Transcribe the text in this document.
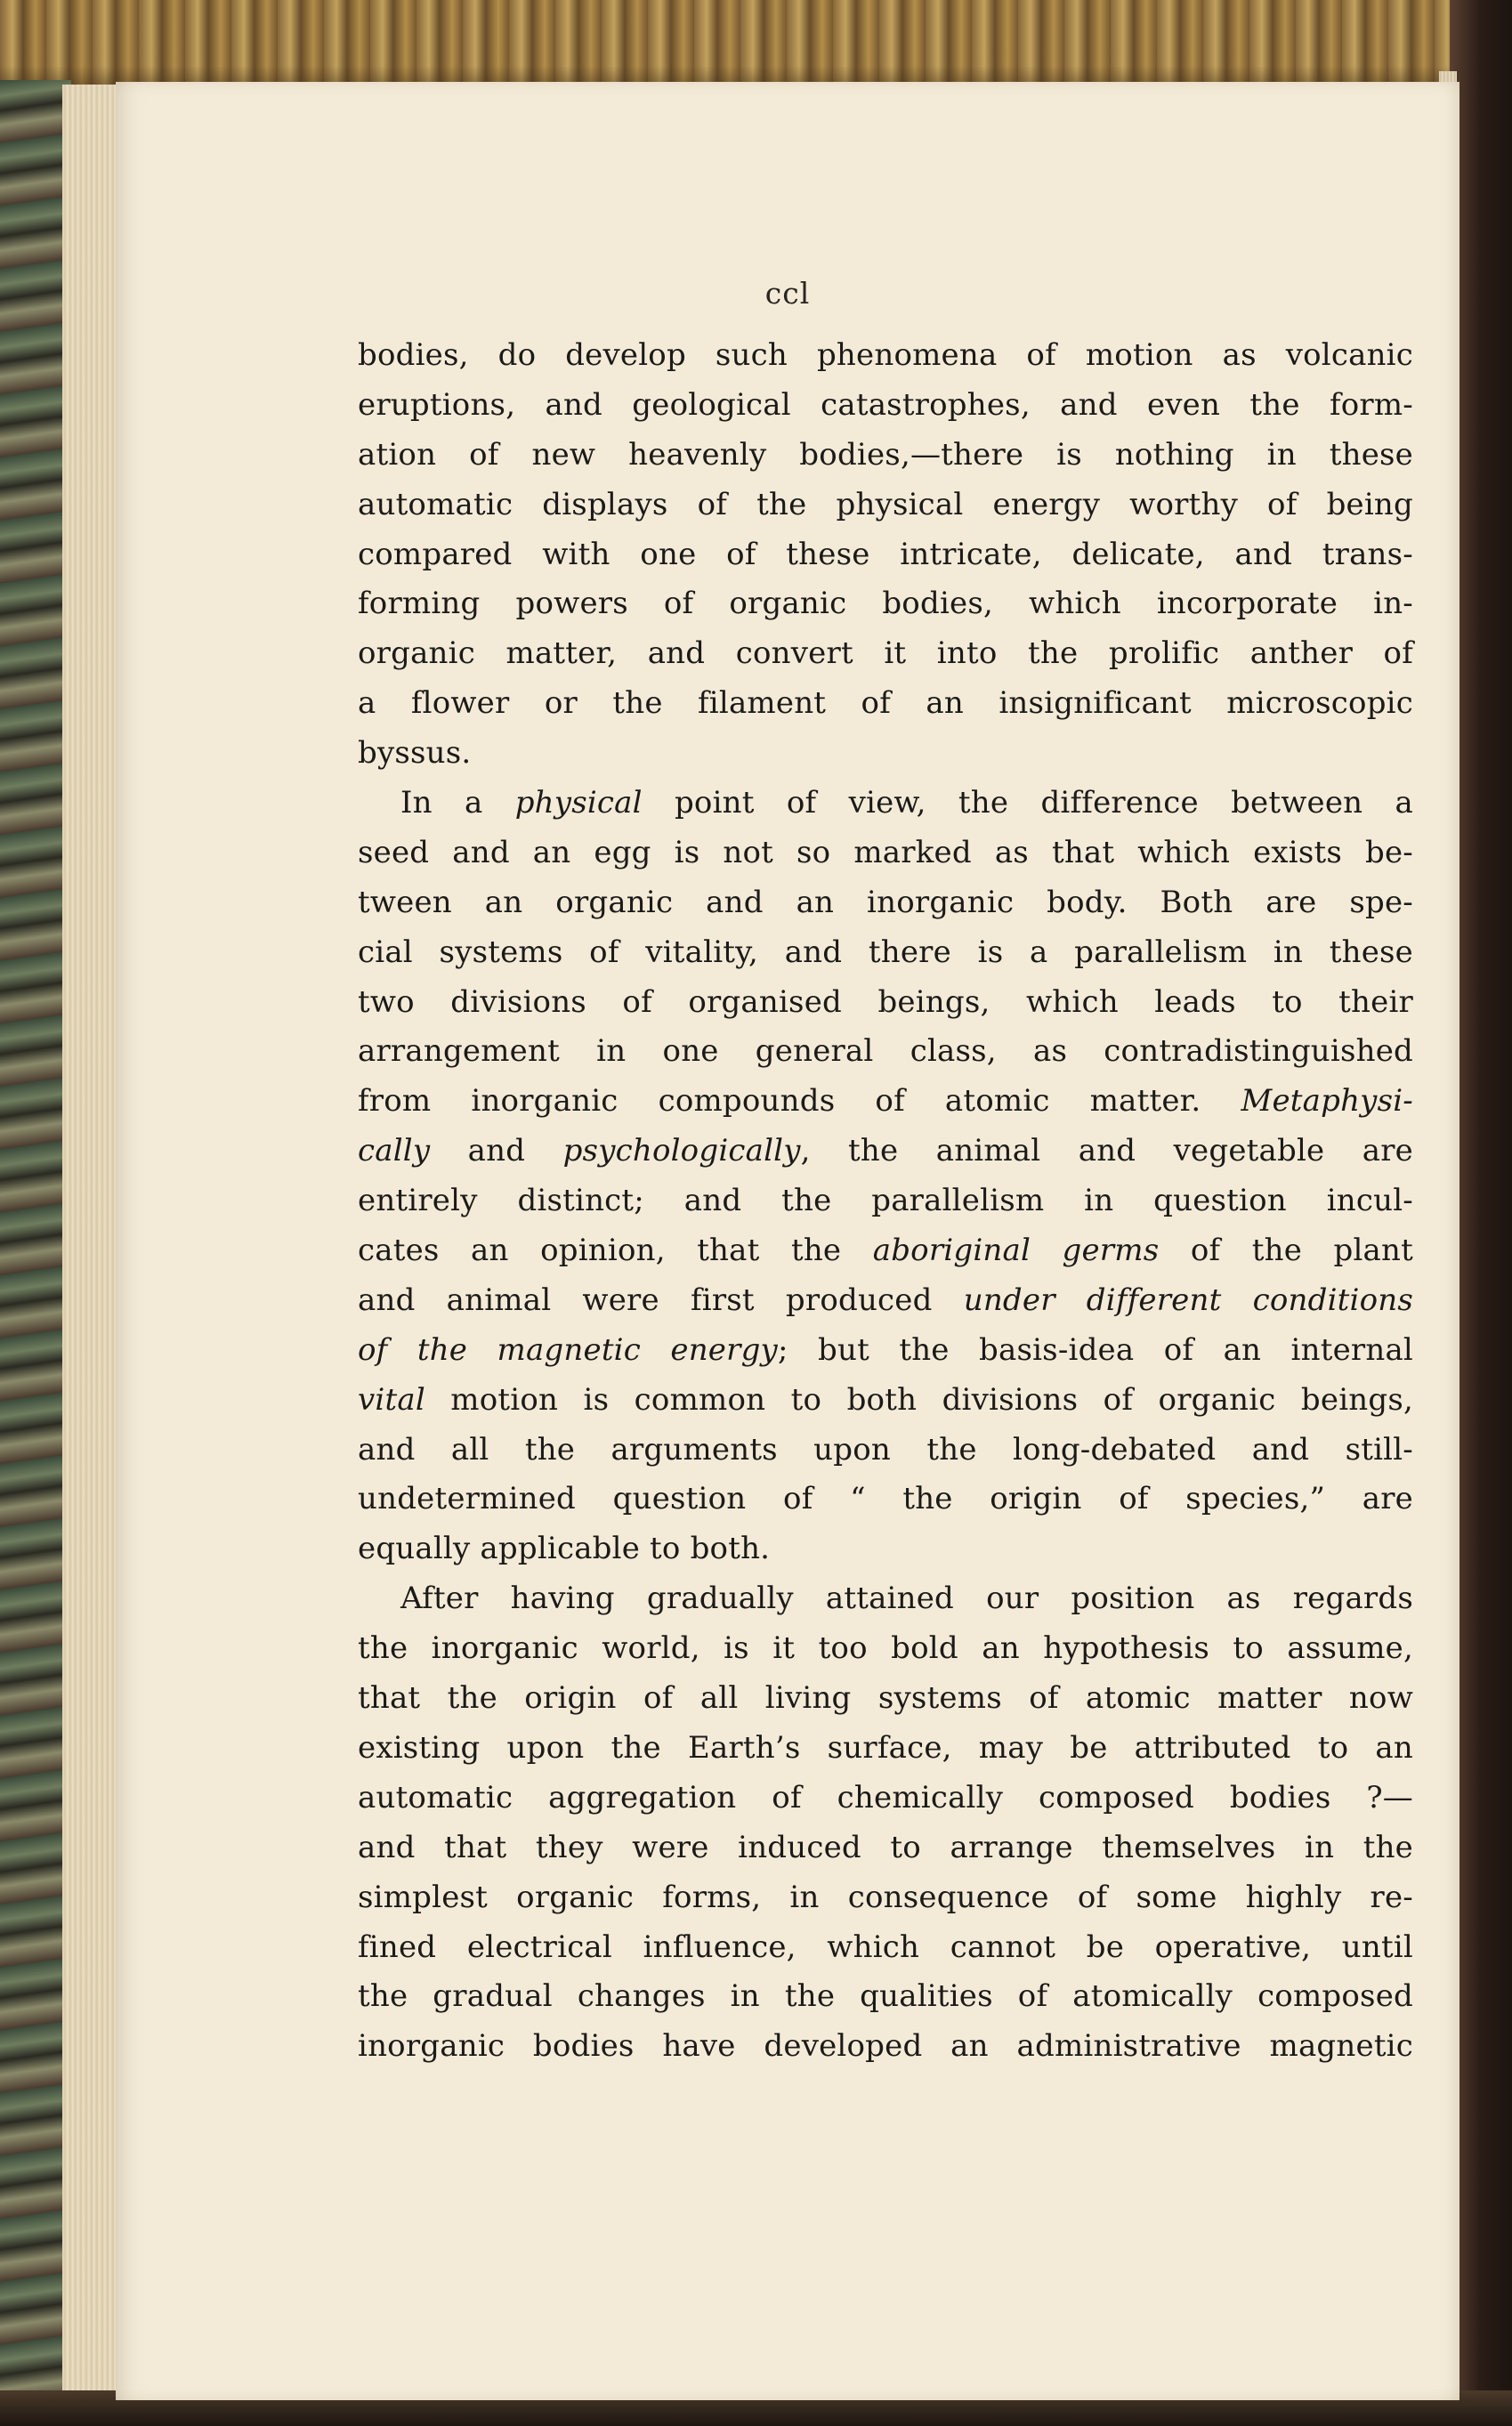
ccl
bodies, do develop such phenomena of motion as volcanic
eruptions, and geological catastrophes, and even the form-
ation of new heavenly bodies,—there is nothing in these
automatic displays of the physical energy worthy of being
compared with one of these intricate, delicate, and trans-
forming powers of organic bodies, which incorporate in-
organic matter, and convert it into the prolific anther of
a flower or the filament of an insignificant microscopic
byssus.
In a physical point of view, the difference between a
seed and an egg is not so marked as that which exists be-
tween an organic and an inorganic body. Both are spe-
cial systems of vitality, and there is a parallelism in these
two divisions of organised beings, which leads to their
arrangement in one general class, as contradistinguished
from inorganic compounds of atomic matter. Metaphysi-
cally and psychologically, the animal and vegetable are
entirely distinct; and the parallelism in question incul-
cates an opinion, that the aboriginal germs of the plant
and animal were first produced under different conditions
of the magnetic energy; but the basis-idea of an internal
vital motion is common to both divisions of organic beings,
and all the arguments upon the long-debated and still-
undetermined question of “ the origin of species,” are
equally applicable to both.
After having gradually attained our position as regards
the inorganic world, is it too bold an hypothesis to assume,
that the origin of all living systems of atomic matter now
existing upon the Earth’s surface, may be attributed to an
automatic aggregation of chemically composed bodies ?—
and that they were induced to arrange themselves in the
simplest organic forms, in consequence of some highly re-
fined electrical influence, which cannot be operative, until
the gradual changes in the qualities of atomically composed
inorganic bodies have developed an administrative magnetic
